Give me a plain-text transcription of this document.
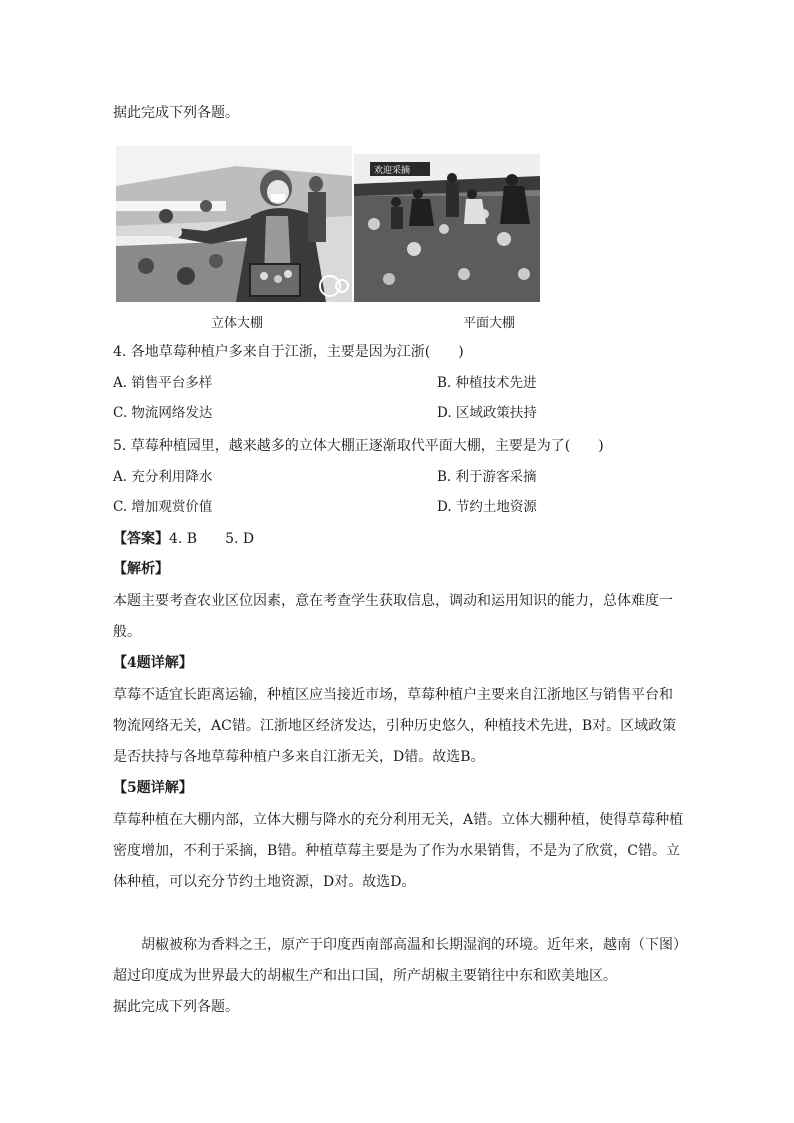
据此完成下列各题。
欢迎采摘
立体大棚	平面大棚
4. 各地草莓种植户多来自于江浙，主要是因为江浙(　　)
A. 销售平台多样	B. 种植技术先进
C. 物流网络发达	D. 区域政策扶持
5. 草莓种植园里，越来越多的立体大棚正逐渐取代平面大棚，主要是为了(　　)
A. 充分利用降水	B. 利于游客采摘
C. 增加观赏价值	D. 节约土地资源
【答案】4. B　　5. D
【解析】
本题主要考查农业区位因素，意在考查学生获取信息，调动和运用知识的能力，总体难度一
般。
【4题详解】
草莓不适宜长距离运输，种植区应当接近市场，草莓种植户主要来自江浙地区与销售平台和
物流网络无关，AC错。江浙地区经济发达，引种历史悠久，种植技术先进，B对。区域政策
是否扶持与各地草莓种植户多来自江浙无关，D错。故选B。
【5题详解】
草莓种植在大棚内部，立体大棚与降水的充分利用无关，A错。立体大棚种植，使得草莓种植
密度增加，不利于采摘，B错。种植草莓主要是为了作为水果销售，不是为了欣赏，C错。立
体种植，可以充分节约土地资源，D对。故选D。
　　胡椒被称为香料之王，原产于印度西南部高温和长期湿润的环境。近年来，越南（下图）
超过印度成为世界最大的胡椒生产和出口国，所产胡椒主要销往中东和欧美地区。
据此完成下列各题。
